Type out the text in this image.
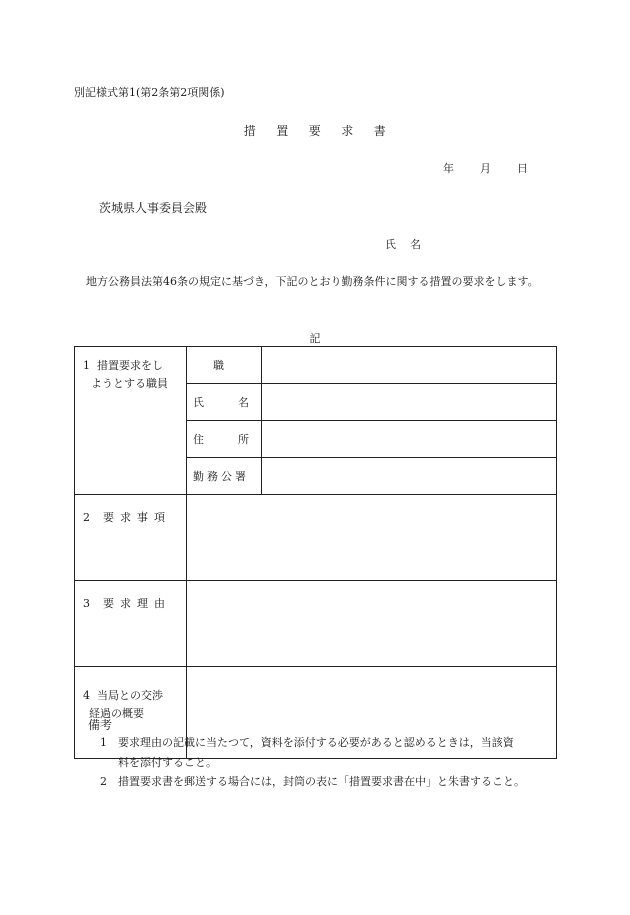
別記様式第1(第2条第2項関係)
措 置 要 求 書
年 月 日
茨城県人事委員会殿
氏 名
地方公務員法第46条の規定に基づき，下記のとおり勤務条件に関する措置の要求をします。
記
1 措置要求をし
ようとする職員	職	

	氏 名	

	住 所	

	勤務公署	

2 要 求 事 項		

3 要 求 理 由		

4 当局との交渉
経過の概要		

備考
1 要求理由の記載に当たつて，資料を添付する必要があると認めるときは，当該資
料を添付すること。
2 措置要求書を郵送する場合には，封筒の表に「措置要求書在中」と朱書すること。
